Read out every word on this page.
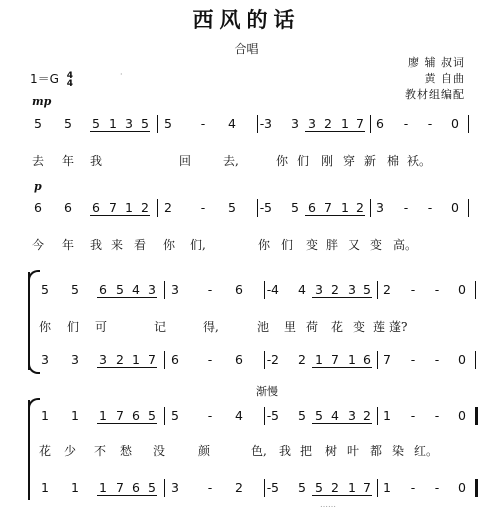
西风的话
合唱
廖 辅 叔词
黄 自曲
教材组编配
1＝G 4
4
·
mp
p
渐慢
5 5 5 1 3 5 5 -	4 - 3 3 3 2 1 7 6 -	-	0
去 年 我	回	去,	你 们 刚 穿 新 棉 袄。
6 6 6 7 1 2 2 -	5 - 5 5 6 7 1 2 3 -	-	0
今 年 我 来 看 你 们,	你 们 变 胖 又 变 高。
5 5 6 5 4 3 3 -	6 - 4 4 3 2 3 5 2 -	-	0
你 们 可	记	得,	池 里 荷 花 变 莲 蓬?
3 3 3 2 1 7 6 -	6 - 2 2 1 7 1 6 7 -	-	0
1 1 1 7 6 5 5 -	4 - 5 5 5 4 3 2 1 -	-	0
花 少 不 愁 没	颜	色, 我 把 树 叶 都 染 红。
1 1 1 7 6 5 3 -	2 - 5 5 5 2 1 7 1 -	-	0
……
